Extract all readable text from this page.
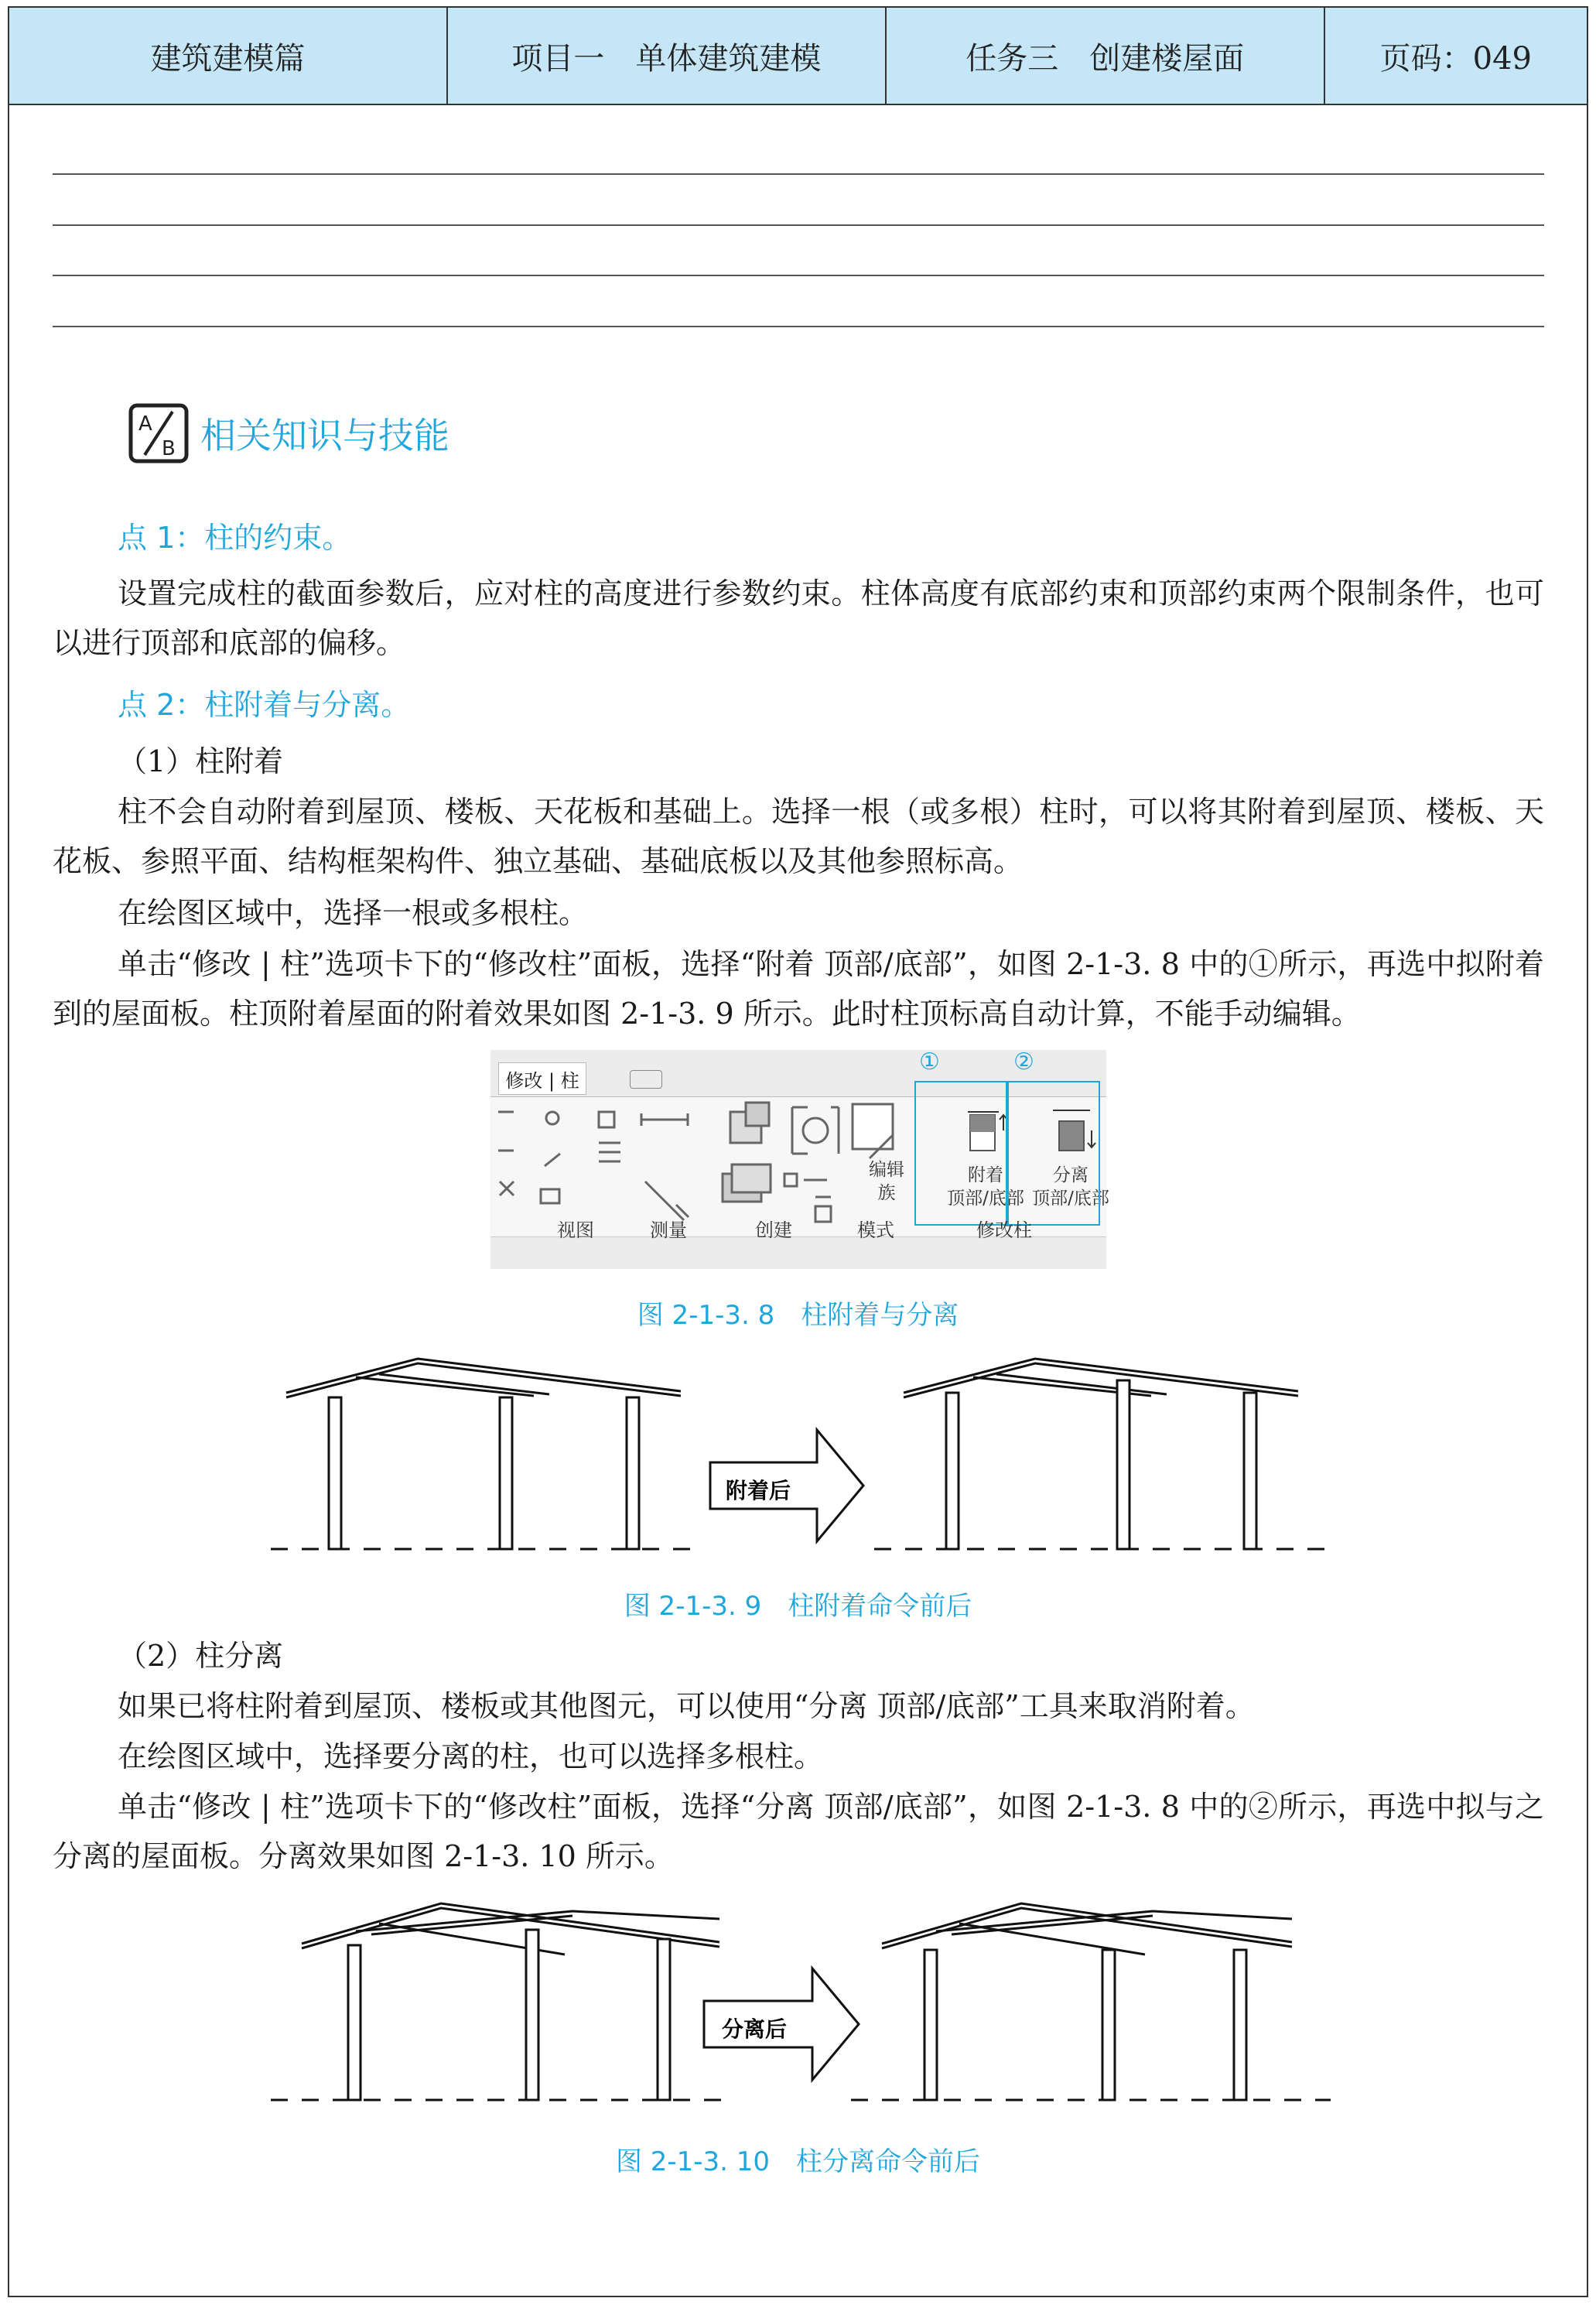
建筑建模篇	项目一　单体建筑建模	任务三　创建楼屋面	页码：049
A
B 相关知识与技能
点 1：柱的约束。

设置完成柱的截面参数后，应对柱的高度进行参数约束。柱体高度有底部约束和顶部约束两个限制条件，也可以进行顶部和底部的偏移。

点 2：柱附着与分离。

（1）柱附着

柱不会自动附着到屋顶、楼板、天花板和基础上。选择一根（或多根）柱时，可以将其附着到屋顶、楼板、天花板、参照平面、结构框架构件、独立基础、基础底板以及其他参照标高。

在绘图区域中，选择一根或多根柱。

单击“修改 | 柱”选项卡下的“修改柱”面板，选择“附着 顶部/底部”，如图 2-1-3. 8 中的①所示，再选中拟附着到的屋面板。柱顶附着屋面的附着效果如图 2-1-3. 9 所示。此时柱顶标高自动计算，不能手动编辑。

修改 | 柱
编辑
族
附着
顶部/底部
分离
顶部/底部
①	②
视图	测量	创建	模式	修改柱
图 2-1-3. 8　柱附着与分离
附着后
图 2-1-3. 9　柱附着命令前后

（2）柱分离

如果已将柱附着到屋顶、楼板或其他图元，可以使用“分离 顶部/底部”工具来取消附着。

在绘图区域中，选择要分离的柱，也可以选择多根柱。

单击“修改 | 柱”选项卡下的“修改柱”面板，选择“分离 顶部/底部”，如图 2-1-3. 8 中的②所示，再选中拟与之分离的屋面板。分离效果如图 2-1-3. 10 所示。

分离后
图 2-1-3. 10　柱分离命令前后
